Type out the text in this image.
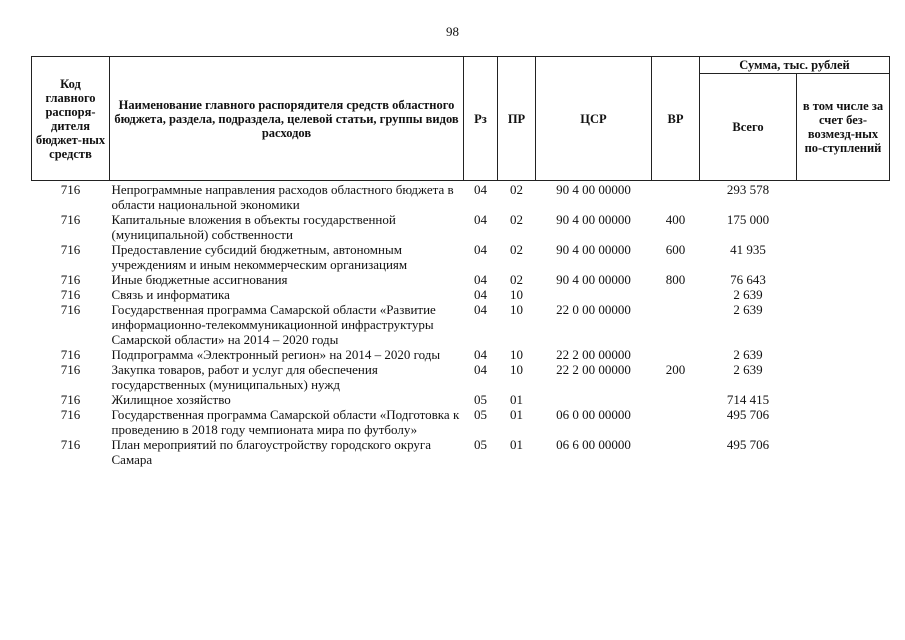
98
Код главного распоря-дителя бюджет-ных средств	Наименование главного распорядителя средств областного бюджета, раздела, подраздела, целевой статьи, группы видов расходов	Рз	ПР	ЦСР	ВР	Сумма, тыс. рублей	
						Всего	в том числе за счет без-возмезд-ных по-ступлений

716	Непрограммные направления расходов областного бюджета в области национальной экономики	04	02	90 4 00 00000		293 578	
716	Капитальные вложения в объекты государственной (муниципальной) собственности	04	02	90 4 00 00000	400	175 000	
716	Предоставление субсидий бюджетным, автономным учреждениям и иным некоммерческим организациям	04	02	90 4 00 00000	600	41 935	
716	Иные бюджетные ассигнования	04	02	90 4 00 00000	800	76 643	
716	Связь и информатика	04	10			2 639	
716	Государственная программа Самарской области «Развитие информационно-телекоммуникационной инфраструктуры Самарской области» на 2014 – 2020 годы	04	10	22 0 00 00000		2 639	
716	Подпрограмма «Электронный регион» на 2014 – 2020 годы	04	10	22 2 00 00000		2 639	
716	Закупка товаров, работ и услуг для обеспечения государственных (муниципальных) нужд	04	10	22 2 00 00000	200	2 639	
716	Жилищное хозяйство	05	01			714 415	
716	Государственная программа Самарской области «Подготовка к проведению в 2018 году чемпионата мира по футболу»	05	01	06 0 00 00000		495 706	
716	План мероприятий по благоустройству городского округа Самара	05	01	06 6 00 00000		495 706	
